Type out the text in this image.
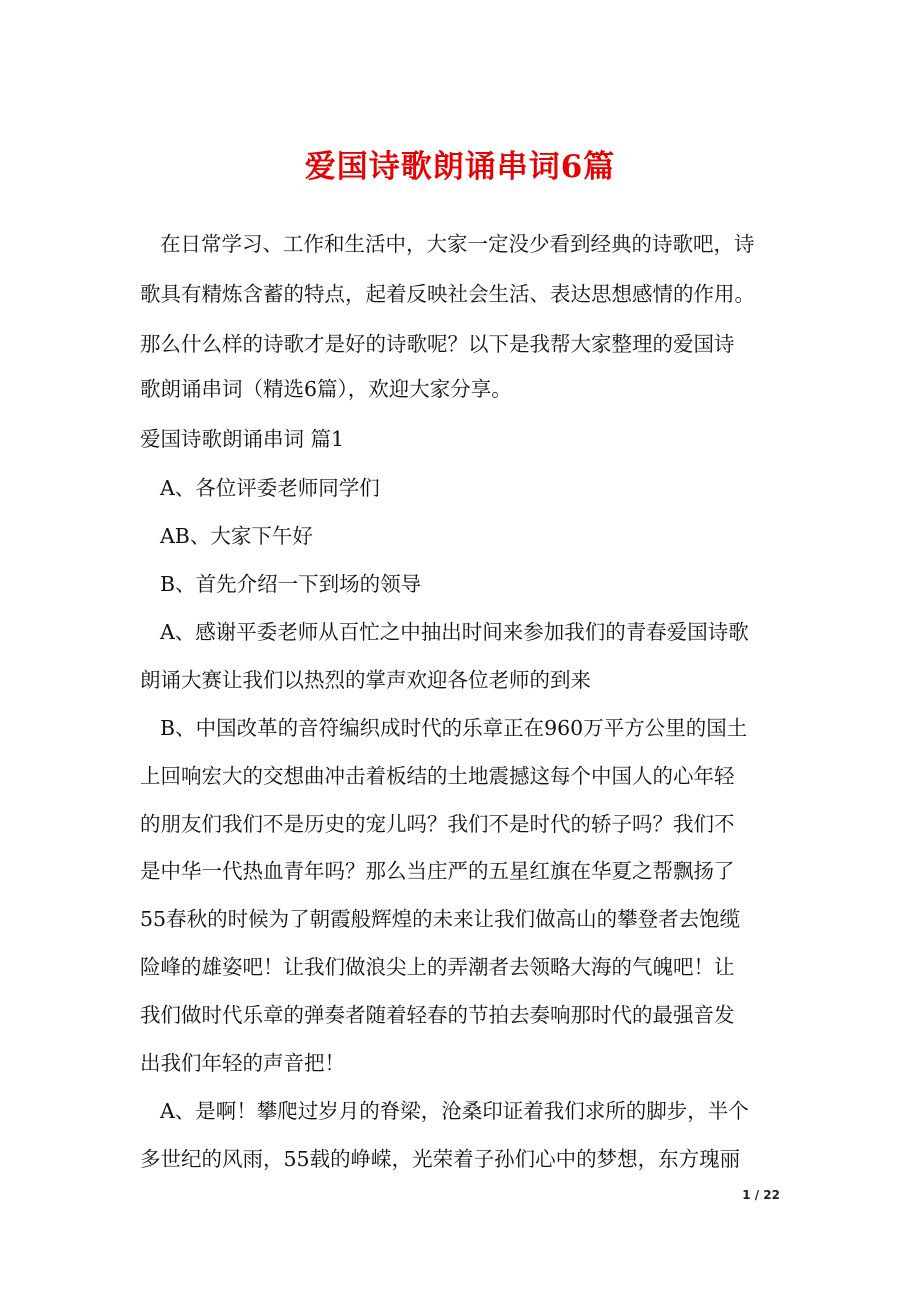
爱国诗歌朗诵串词6篇
在日常学习、工作和生活中，大家一定没少看到经典的诗歌吧，诗
歌具有精炼含蓄的特点，起着反映社会生活、表达思想感情的作用。
那么什么样的诗歌才是好的诗歌呢？以下是我帮大家整理的爱国诗
歌朗诵串词（精选6篇），欢迎大家分享。
爱国诗歌朗诵串词 篇1
A、各位评委老师同学们
AB、大家下午好
B、首先介绍一下到场的领导
A、感谢平委老师从百忙之中抽出时间来参加我们的青春爱国诗歌
朗诵大赛让我们以热烈的掌声欢迎各位老师的到来
B、中国改革的音符编织成时代的乐章正在960万平方公里的国土
上回响宏大的交想曲冲击着板结的土地震撼这每个中国人的心年轻
的朋友们我们不是历史的宠儿吗？我们不是时代的轿子吗？我们不
是中华一代热血青年吗？那么当庄严的五星红旗在华夏之帮飘扬了
55春秋的时候为了朝霞般辉煌的未来让我们做高山的攀登者去饱缆
险峰的雄姿吧！让我们做浪尖上的弄潮者去领略大海的气魄吧！让
我们做时代乐章的弹奏者随着轻春的节拍去奏响那时代的最强音发
出我们年轻的声音把！
A、是啊！攀爬过岁月的脊梁，沧桑印证着我们求所的脚步，半个
多世纪的风雨，55载的峥嵘，光荣着子孙们心中的梦想，东方瑰丽
1 / 22
